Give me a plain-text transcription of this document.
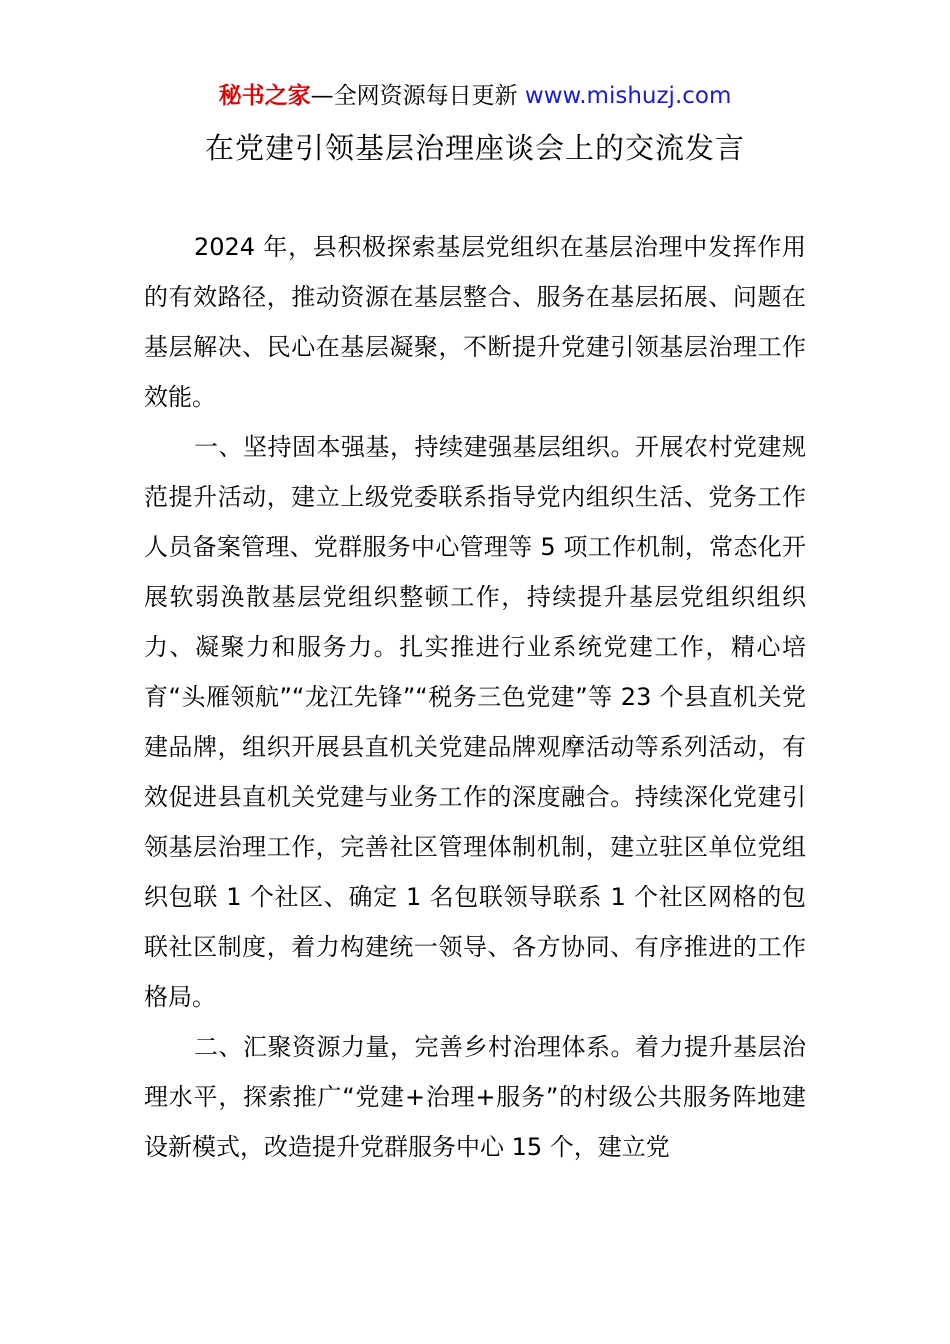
秘书之家—全网资源每日更新 www.mishuzj.com
在党建引领基层治理座谈会上的交流发言

2024 年，县积极探索基层党组织在基层治理中发挥作用的有效路径，推动资源在基层整合、服务在基层拓展、问题在基层解决、民心在基层凝聚，不断提升党建引领基层治理工作效能。

一、坚持固本强基，持续建强基层组织。开展农村党建规范提升活动，建立上级党委联系指导党内组织生活、党务工作人员备案管理、党群服务中心管理等 5 项工作机制，常态化开展软弱涣散基层党组织整顿工作，持续提升基层党组织组织力、凝聚力和服务力。扎实推进行业系统党建工作，精心培育“头雁领航”“龙江先锋”“税务三色党建”等 23 个县直机关党建品牌，组织开展县直机关党建品牌观摩活动等系列活动，有效促进县直机关党建与业务工作的深度融合。持续深化党建引领基层治理工作，完善社区管理体制机制，建立驻区单位党组织包联 1 个社区、确定 1 名包联领导联系 1 个社区网格的包联社区制度，着力构建统一领导、各方协同、有序推进的工作格局。

二、汇聚资源力量，完善乡村治理体系。着力提升基层治理水平，探索推广“党建+治理+服务”的村级公共服务阵地建设新模式，改造提升党群服务中心 15 个，建立党
